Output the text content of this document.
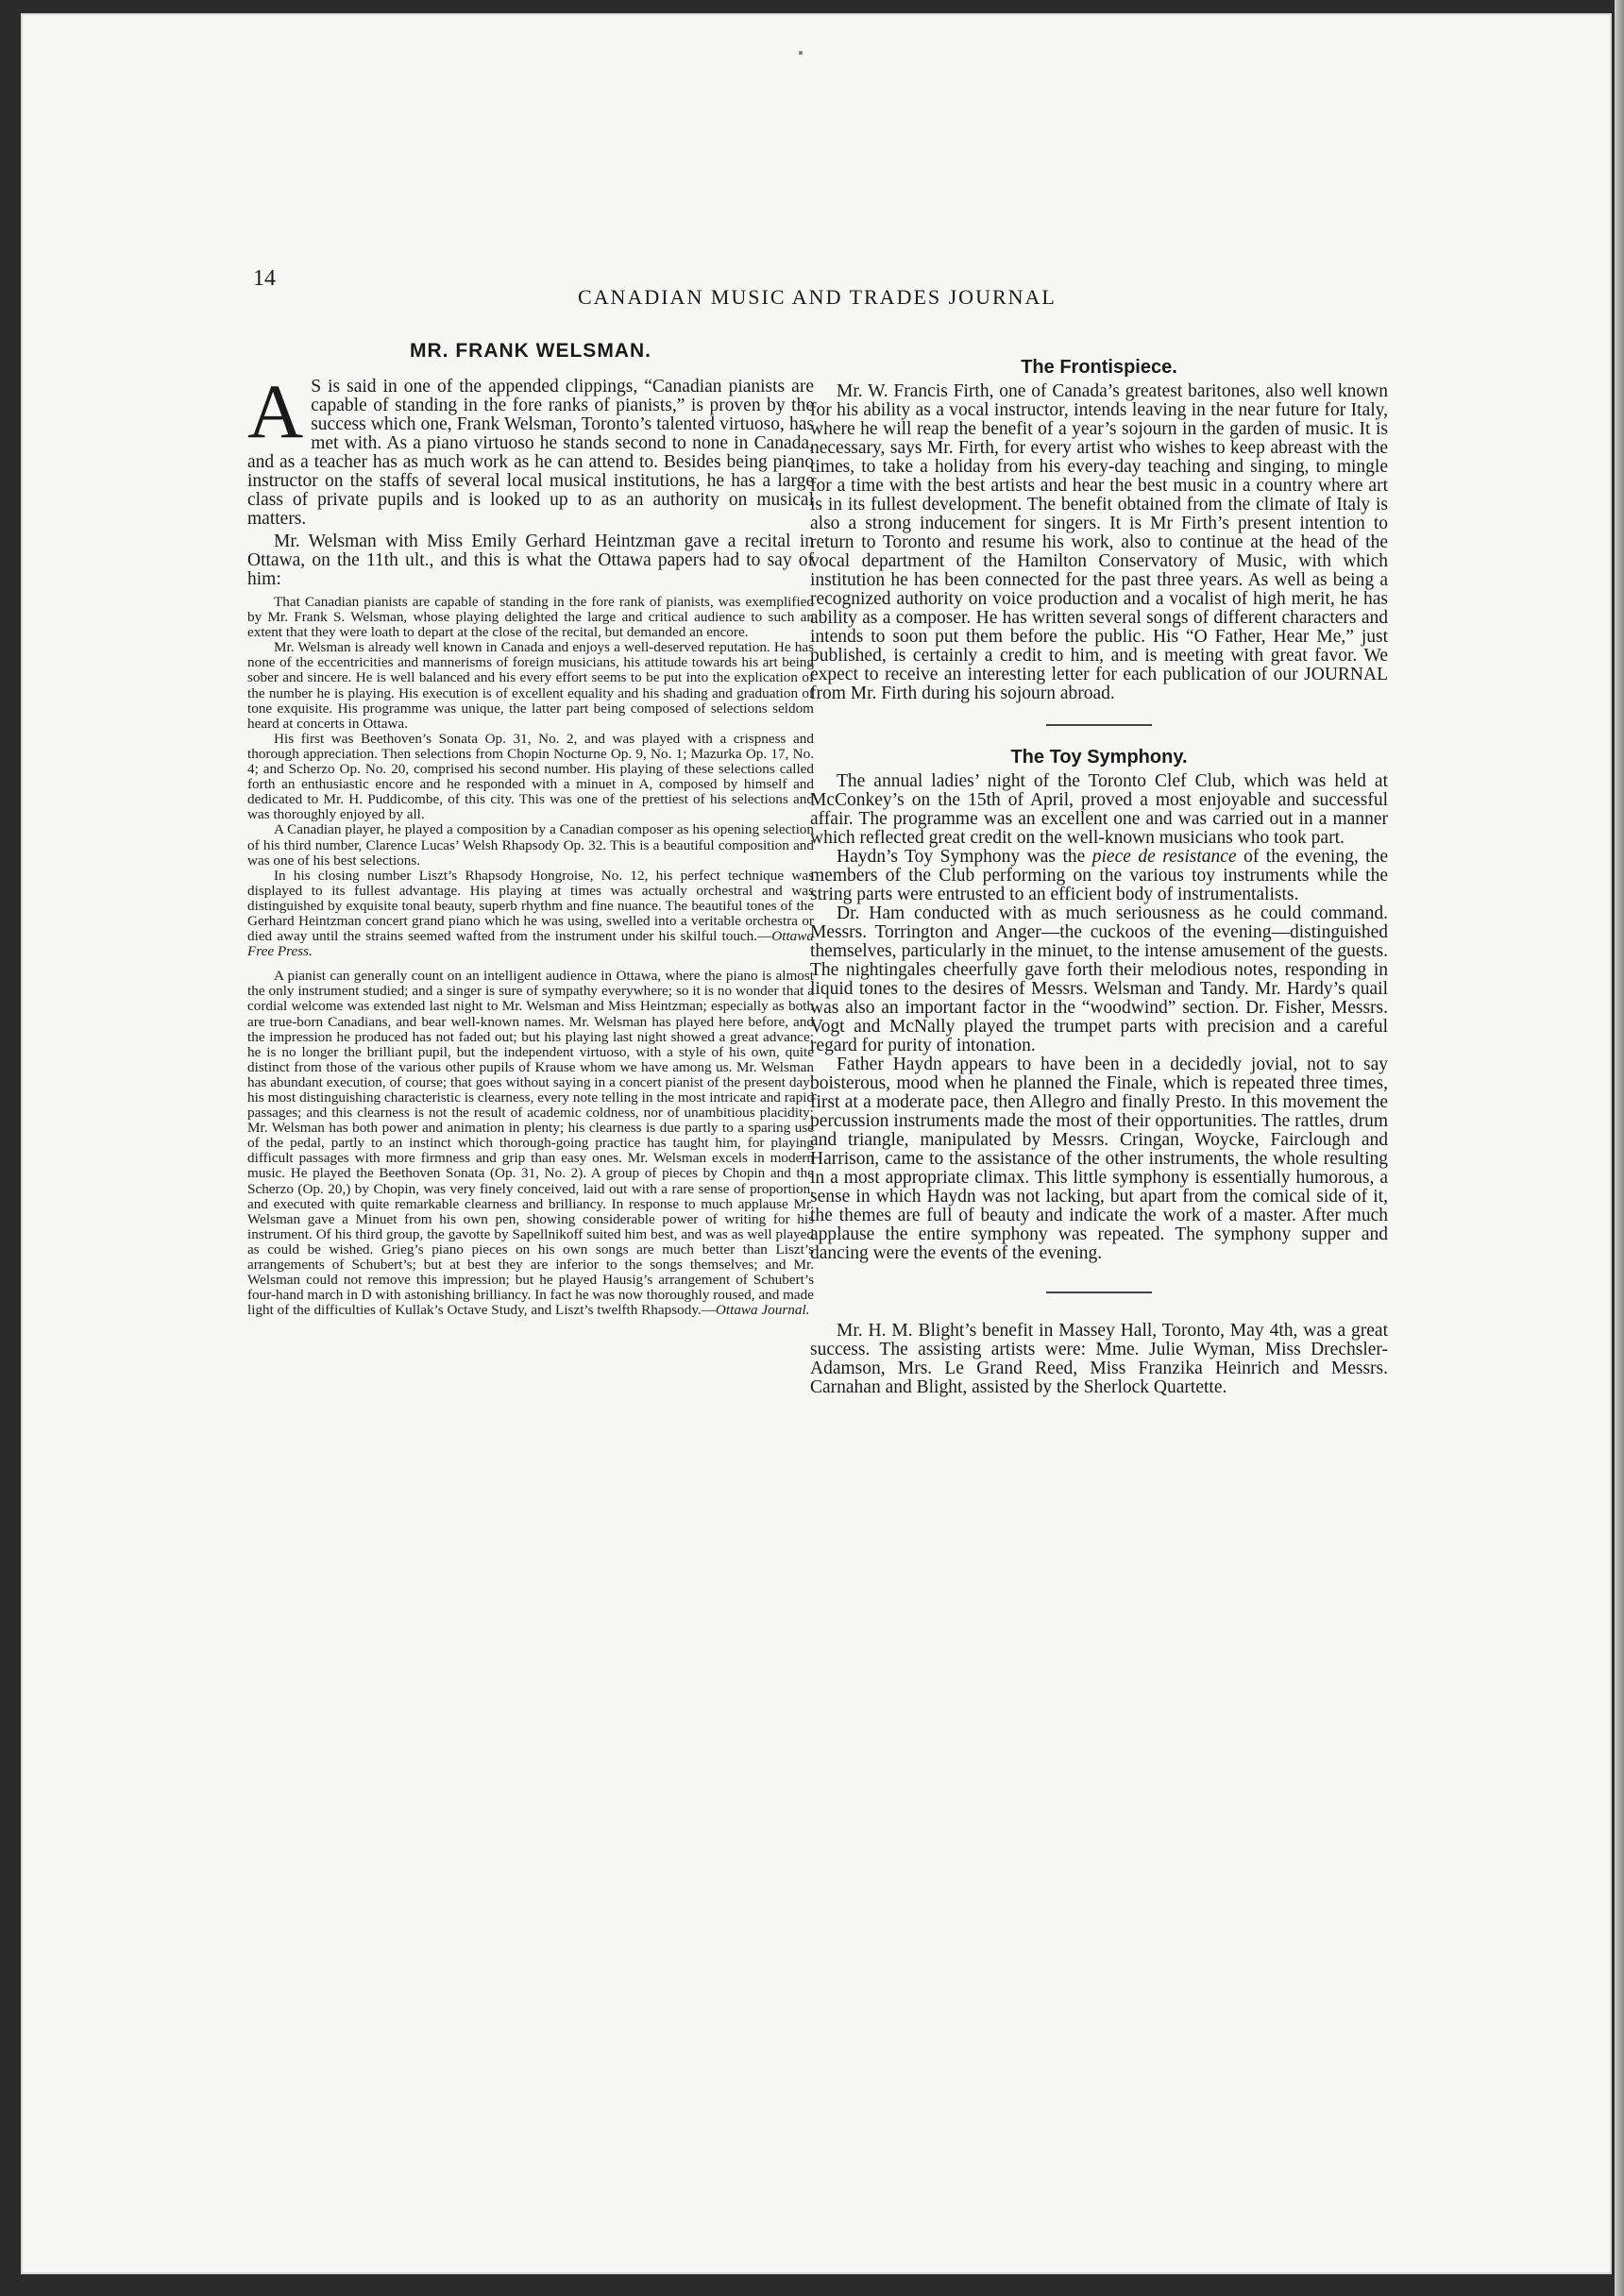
14
CANADIAN MUSIC AND TRADES JOURNAL
MR. FRANK WELSMAN.

A S is said in one of the appended clippings, “Canadian pianists are capable of standing in the fore ranks of pianists,” is proven by the success which one, Frank Welsman, Toronto’s talented virtuoso, has met with. As a piano virtuoso he stands second to none in Canada, and as a teacher has as much work as he can attend to. Besides being piano instructor on the staffs of several local musical institutions, he has a large class of private pupils and is looked up to as an authority on musical matters.

Mr. Welsman with Miss Emily Gerhard Heintzman gave a recital in Ottawa, on the 11th ult., and this is what the Ottawa papers had to say of him:

That Canadian pianists are capable of standing in the fore rank of pianists, was exemplified by Mr. Frank S. Welsman, whose playing delighted the large and critical audience to such an extent that they were loath to depart at the close of the recital, but demanded an encore.

Mr. Welsman is already well known in Canada and enjoys a well-deserved reputation. He has none of the eccentricities and mannerisms of foreign musicians, his attitude towards his art being sober and sincere. He is well balanced and his every effort seems to be put into the explication of the number he is playing. His execution is of excellent equality and his shading and graduation of tone exquisite. His programme was unique, the latter part being composed of selections seldom heard at concerts in Ottawa.

His first was Beethoven’s Sonata Op. 31, No. 2, and was played with a crispness and thorough appreciation. Then selections from Chopin Nocturne Op. 9, No. 1; Mazurka Op. 17, No. 4; and Scherzo Op. No. 20, comprised his second number. His playing of these selections called forth an enthusiastic encore and he responded with a minuet in A, composed by himself and dedicated to Mr. H. Puddicombe, of this city. This was one of the prettiest of his selections and was thoroughly enjoyed by all.

A Canadian player, he played a composition by a Canadian composer as his opening selection of his third number, Clarence Lucas’ Welsh Rhapsody Op. 32. This is a beautiful composition and was one of his best selections.

In his closing number Liszt’s Rhapsody Hongroise, No. 12, his perfect technique was displayed to its fullest advantage. His playing at times was actually orchestral and was distinguished by exquisite tonal beauty, superb rhythm and fine nuance. The beautiful tones of the Gerhard Heintzman concert grand piano which he was using, swelled into a veritable orchestra or died away until the strains seemed wafted from the instrument under his skilful touch.—Ottawa Free Press.

A pianist can generally count on an intelligent audience in Ottawa, where the piano is almost the only instrument studied; and a singer is sure of sympathy everywhere; so it is no wonder that a cordial welcome was extended last night to Mr. Welsman and Miss Heintzman; especially as both are true-born Canadians, and bear well-known names. Mr. Welsman has played here before, and the impression he produced has not faded out; but his playing last night showed a great advance; he is no longer the brilliant pupil, but the independent virtuoso, with a style of his own, quite distinct from those of the various other pupils of Krause whom we have among us. Mr. Welsman has abundant execution, of course; that goes without saying in a concert pianist of the present day; his most distinguishing characteristic is clearness, every note telling in the most intricate and rapid passages; and this clearness is not the result of academic coldness, nor of unambitious placidity; Mr. Welsman has both power and animation in plenty; his clearness is due partly to a sparing use of the pedal, partly to an instinct which thorough-going practice has taught him, for playing difficult passages with more firmness and grip than easy ones. Mr. Welsman excels in modern music. He played the Beethoven Sonata (Op. 31, No. 2). A group of pieces by Chopin and the Scherzo (Op. 20,) by Chopin, was very finely conceived, laid out with a rare sense of proportion, and executed with quite remarkable clearness and brilliancy. In response to much applause Mr. Welsman gave a Minuet from his own pen, showing considerable power of writing for his instrument. Of his third group, the gavotte by Sapellnikoff suited him best, and was as well played as could be wished. Grieg’s piano pieces on his own songs are much better than Liszt’s arrangements of Schubert’s; but at best they are inferior to the songs themselves; and Mr. Welsman could not remove this impression; but he played Hausig’s arrangement of Schubert’s four-hand march in D with astonishing brilliancy. In fact he was now thoroughly roused, and made light of the difficulties of Kullak’s Octave Study, and Liszt’s twelfth Rhapsody.—Ottawa Journal.

The Frontispiece.

Mr. W. Francis Firth, one of Canada’s greatest baritones, also well known for his ability as a vocal instructor, intends leaving in the near future for Italy, where he will reap the benefit of a year’s sojourn in the garden of music. It is necessary, says Mr. Firth, for every artist who wishes to keep abreast with the times, to take a holiday from his every-day teaching and singing, to mingle for a time with the best artists and hear the best music in a country where art is in its fullest development. The benefit obtained from the climate of Italy is also a strong inducement for singers. It is Mr Firth’s present intention to return to Toronto and resume his work, also to continue at the head of the vocal department of the Hamilton Conservatory of Music, with which institution he has been connected for the past three years. As well as being a recognized authority on voice production and a vocalist of high merit, he has ability as a composer. He has written several songs of different characters and intends to soon put them before the public. His “O Father, Hear Me,” just published, is certainly a credit to him, and is meeting with great favor. We expect to receive an interesting letter for each publication of our JOURNAL from Mr. Firth during his sojourn abroad.

The Toy Symphony.

The annual ladies’ night of the Toronto Clef Club, which was held at McConkey’s on the 15th of April, proved a most enjoyable and successful affair. The programme was an excellent one and was carried out in a manner which reflected great credit on the well-known musicians who took part.

Haydn’s Toy Symphony was the piece de resistance of the evening, the members of the Club performing on the various toy instruments while the string parts were entrusted to an efficient body of instrumentalists.

Dr. Ham conducted with as much seriousness as he could command. Messrs. Torrington and Anger—the cuckoos of the evening—distinguished themselves, particularly in the minuet, to the intense amusement of the guests. The nightingales cheerfully gave forth their melodious notes, responding in liquid tones to the desires of Messrs. Welsman and Tandy. Mr. Hardy’s quail was also an important factor in the “woodwind” section. Dr. Fisher, Messrs. Vogt and McNally played the trumpet parts with precision and a careful regard for purity of intonation.

Father Haydn appears to have been in a decidedly jovial, not to say boisterous, mood when he planned the Finale, which is repeated three times, first at a moderate pace, then Allegro and finally Presto. In this movement the percussion instruments made the most of their opportunities. The rattles, drum and triangle, manipulated by Messrs. Cringan, Woycke, Fairclough and Harrison, came to the assistance of the other instruments, the whole resulting in a most appropriate climax. This little symphony is essentially humorous, a sense in which Haydn was not lacking, but apart from the comical side of it, the themes are full of beauty and indicate the work of a master. After much applause the entire symphony was repeated. The symphony supper and dancing were the events of the evening.

Mr. H. M. Blight’s benefit in Massey Hall, Toronto, May 4th, was a great success. The assisting artists were: Mme. Julie Wyman, Miss Drechsler-Adamson, Mrs. Le Grand Reed, Miss Franzika Heinrich and Messrs. Carnahan and Blight, assisted by the Sherlock Quartette.
